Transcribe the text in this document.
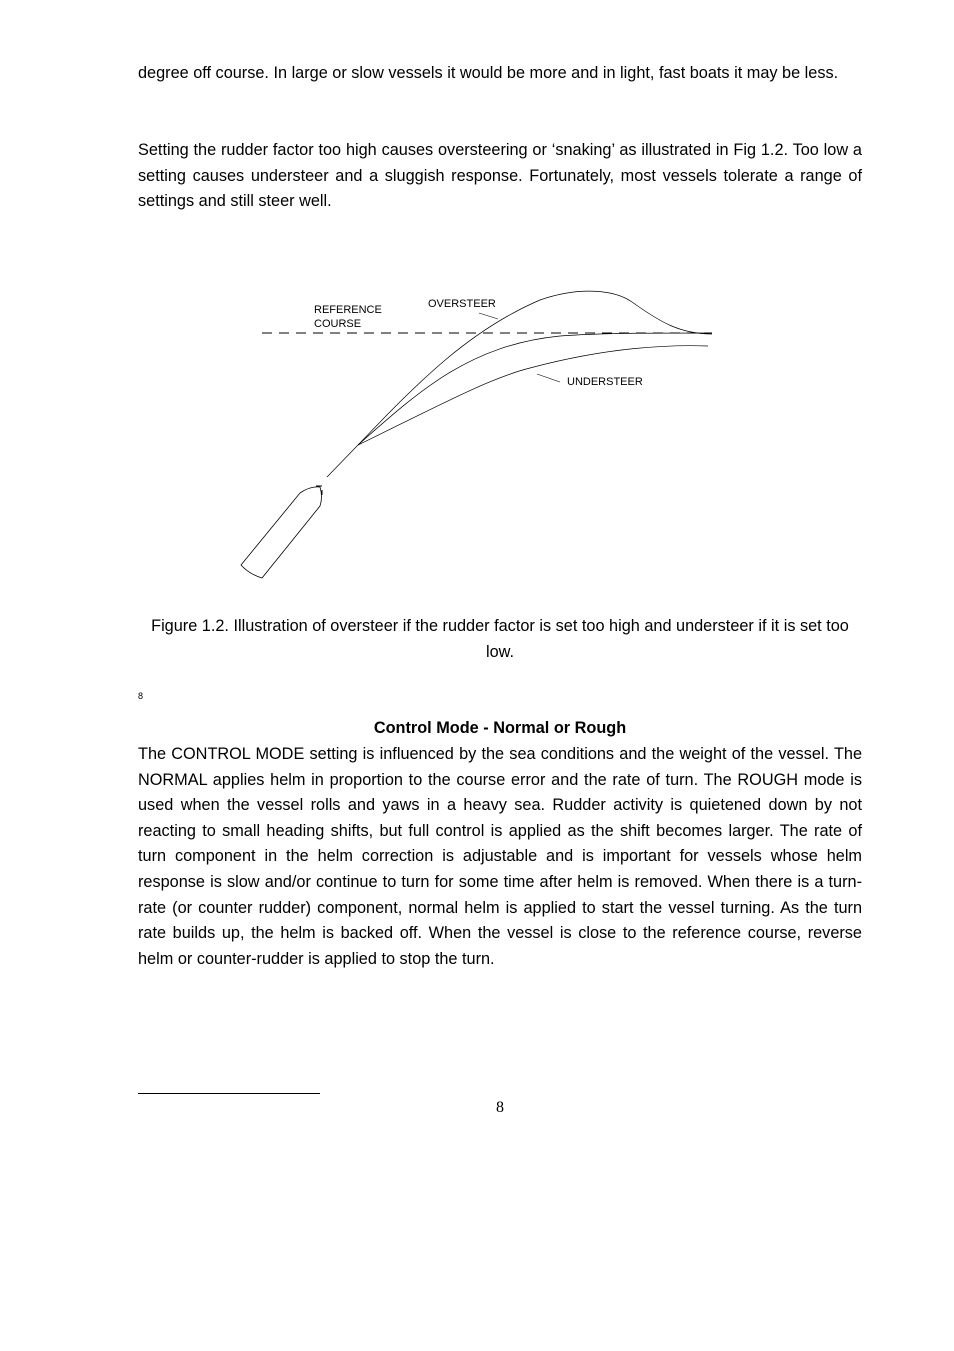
degree off course. In large or slow vessels it would be more and in light, fast boats it may be less.

Setting the rudder factor too high causes oversteering or ‘snaking’ as illustrated in Fig 1.2. Too low a setting causes understeer and a sluggish response. Fortunately, most vessels tolerate a range of settings and still steer well.

REFERENCE
COURSE
OVERSTEER
UNDERSTEER

Figure 1.2. Illustration of oversteer if the rudder factor is set too high and understeer if it is set too low.

8

Control Mode - Normal or Rough

The CONTROL MODE setting is influenced by the sea conditions and the weight of the vessel. The NORMAL applies helm in proportion to the course error and the rate of turn. The ROUGH mode is used when the vessel rolls and yaws in a heavy sea. Rudder activity is quietened down by not reacting to small heading shifts, but full control is applied as the shift becomes larger. The rate of turn component in the helm correction is adjustable and is important for vessels whose helm response is slow and/or continue to turn for some time after helm is removed. When there is a turn-rate (or counter rudder) component, normal helm is applied to start the vessel turning. As the turn rate builds up, the helm is backed off. When the vessel is close to the reference course, reverse helm or counter-rudder is applied to stop the turn.

8
